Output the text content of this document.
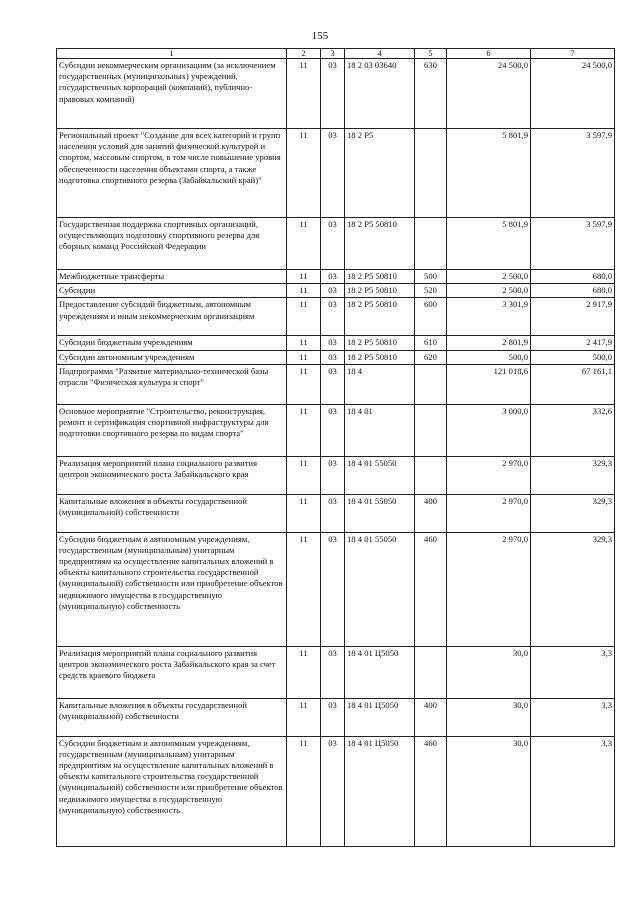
155
1	2	3	4	5	6	7
Субсидии некоммерческим организациям (за исключением государственных (муниципальных) учреждений, государственных корпораций (компаний), публично-правовых компаний)	11	03	18 2 03 03640	630	24 500,0	24 500,0
Региональный проект "Создание для всех категорий и групп населения условий для занятий физической культурой и спортом, массовым спортом, в том числе повышение уровня обеспеченности населения объектами спорта, а также подготовка спортивного резерва (Забайкальский край)"	11	03	18 2 P5		5 801,9	3 597,9
Государственная поддержка спортивных организаций, осуществляющих подготовку спортивного резерва для сборных команд Российской Федерации	11	03	18 2 P5 50810		5 801,9	3 597,9
Межбюджетные трансферты	11	03	18 2 P5 50810	500	2 500,0	680,0
Субсидии	11	03	18 2 P5 50810	520	2 500,0	680,0
Предоставление субсидий бюджетным, автономным учреждениям и иным некоммерческим организациям	11	03	18 2 P5 50810	600	3 301,9	2 917,9
Субсидии бюджетным учреждениям	11	03	18 2 P5 50810	610	2 801,9	2 417,9
Субсидии автономным учреждениям	11	03	18 2 P5 50810	620	500,0	500,0
Подпрограмма "Развитие материально-технической базы отрасли "Физическая культура и спорт"	11	03	18 4		121 018,6	67 161,1
Основное мероприятие "Строительство, реконструкция, ремонт и сертификация спортивной инфраструктуры для подготовки спортивного резерва по видам спорта"	11	03	18 4 01		3 000,0	332,6
Реализация мероприятий плана социального развития центров экономического роста Забайкальского края	11	03	18 4 01 55050		2 970,0	329,3
Капитальные вложения в объекты государственной (муниципальной) собственности	11	03	18 4 01 55050	400	2 970,0	329,3
Субсидии бюджетным и автономным учреждениям, государственным (муниципальным) унитарным предприятиям на осуществление капитальных вложений в объекты капитального строительства государственной (муниципальной) собственности или приобретение объектов недвижимого имущества в государственную (муниципальную) собственность	11	03	18 4 01 55050	460	2 970,0	329,3
Реализация мероприятий плана социального развития центров экономического роста Забайкальского края за счет средств краевого бюджета	11	03	18 4 01 Ц5050		30,0	3,3
Капитальные вложения в объекты государственной (муниципальной) собственности	11	03	18 4 01 Ц5050	400	30,0	3,3
Субсидии бюджетным и автономным учреждениям, государственным (муниципальным) унитарным предприятиям на осуществление капитальных вложений в объекты капитального строительства государственной (муниципальной) собственности или приобретение объектов недвижимого имущества в государственную (муниципальную) собственность	11	03	18 4 01 Ц5050	460	30,0	3,3
